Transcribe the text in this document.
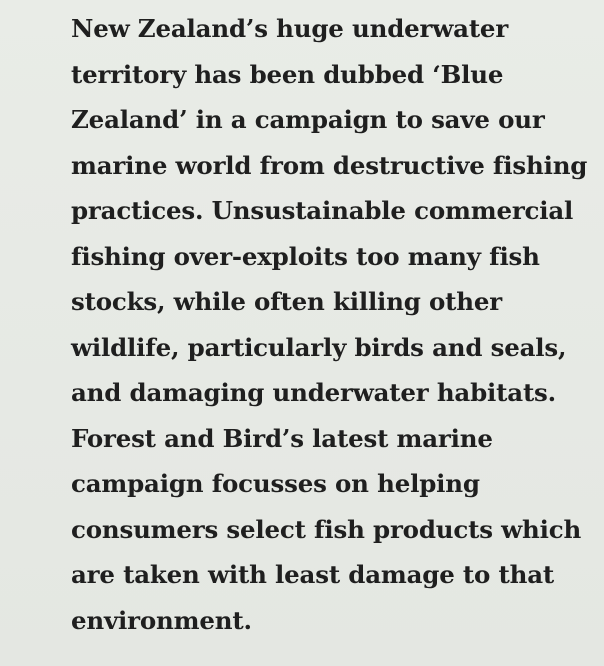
New Zealand’s huge underwater
territory has been dubbed ‘Blue
Zealand’ in a campaign to save our
marine world from destructive fishing
practices. Unsustainable commercial
fishing over-exploits too many fish
stocks, while often killing other
wildlife, particularly birds and seals,
and damaging underwater habitats.
Forest and Bird’s latest marine
campaign focusses on helping
consumers select fish products which
are taken with least damage to that
environment.
